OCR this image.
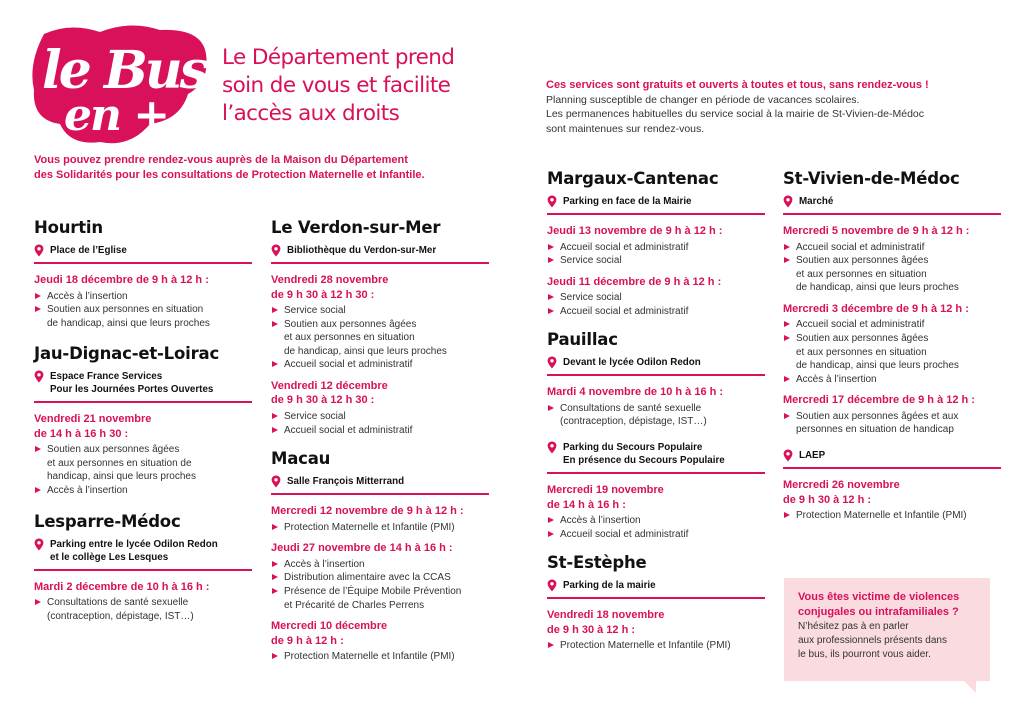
le Bus
en +
Le Département prend
soin de vous et facilite
l’accès aux droits
Vous pouvez prendre rendez-vous auprès de la Maison du Département
des Solidarités pour les consultations de Protection Maternelle et Infantile.
Ces services sont gratuits et ouverts à toutes et tous, sans rendez-vous !
Planning susceptible de changer en période de vacances scolaires.
Les permanences habituelles du service social à la mairie de St-Vivien-de-Médoc
sont maintenues sur rendez-vous.
Hourtin
Place de l’Eglise
Jeudi 18 décembre de 9 h à 12 h :
Accès à l’insertion
Soutien aux personnes en situation
de handicap, ainsi que leurs proches
Jau-Dignac-et-Loirac
Espace France Services
Pour les Journées Portes Ouvertes
Vendredi 21 novembre
de 14 h à 16 h 30 :
Soutien aux personnes âgées
et aux personnes en situation de
handicap, ainsi que leurs proches
Accès à l’insertion
Lesparre-Médoc
Parking entre le lycée Odilon Redon
et le collège Les Lesques
Mardi 2 décembre de 10 h à 16 h :
Consultations de santé sexuelle
(contraception, dépistage, IST…)
Le Verdon-sur-Mer
Bibliothèque du Verdon-sur-Mer
Vendredi 28 novembre
de 9 h 30 à 12 h 30 :
Service social
Soutien aux personnes âgées
et aux personnes en situation
de handicap, ainsi que leurs proches
Accueil social et administratif
Vendredi 12 décembre
de 9 h 30 à 12 h 30 :
Service social
Accueil social et administratif
Macau
Salle François Mitterrand
Mercredi 12 novembre de 9 h à 12 h :
Protection Maternelle et Infantile (PMI)
Jeudi 27 novembre de 14 h à 16 h :
Accès à l’insertion
Distribution alimentaire avec la CCAS
Présence de l’Équipe Mobile Prévention
et Précarité de Charles Perrens
Mercredi 10 décembre
de 9 h à 12 h :
Protection Maternelle et Infantile (PMI)
Margaux-Cantenac
Parking en face de la Mairie
Jeudi 13 novembre de 9 h à 12 h :
Accueil social et administratif
Service social
Jeudi 11 décembre de 9 h à 12 h :
Service social
Accueil social et administratif
Pauillac
Devant le lycée Odilon Redon
Mardi 4 novembre de 10 h à 16 h :
Consultations de santé sexuelle
(contraception, dépistage, IST…)
Parking du Secours Populaire
En présence du Secours Populaire
Mercredi 19 novembre
de 14 h à 16 h :
Accès à l’insertion
Accueil social et administratif
St-Estèphe
Parking de la mairie
Vendredi 18 novembre
de 9 h 30 à 12 h :
Protection Maternelle et Infantile (PMI)
St-Vivien-de-Médoc
Marché
Mercredi 5 novembre de 9 h à 12 h :
Accueil social et administratif
Soutien aux personnes âgées
et aux personnes en situation
de handicap, ainsi que leurs proches
Mercredi 3 décembre de 9 h à 12 h :
Accueil social et administratif
Soutien aux personnes âgées
et aux personnes en situation
de handicap, ainsi que leurs proches
Accès à l’insertion
Mercredi 17 décembre de 9 h à 12 h :
Soutien aux personnes âgées et aux
personnes en situation de handicap
LAEP
Mercredi 26 novembre
de 9 h 30 à 12 h :
Protection Maternelle et Infantile (PMI)
Vous êtes victime de violences
conjugales ou intrafamiliales ?
N’hésitez pas à en parler
aux professionnels présents dans
le bus, ils pourront vous aider.
